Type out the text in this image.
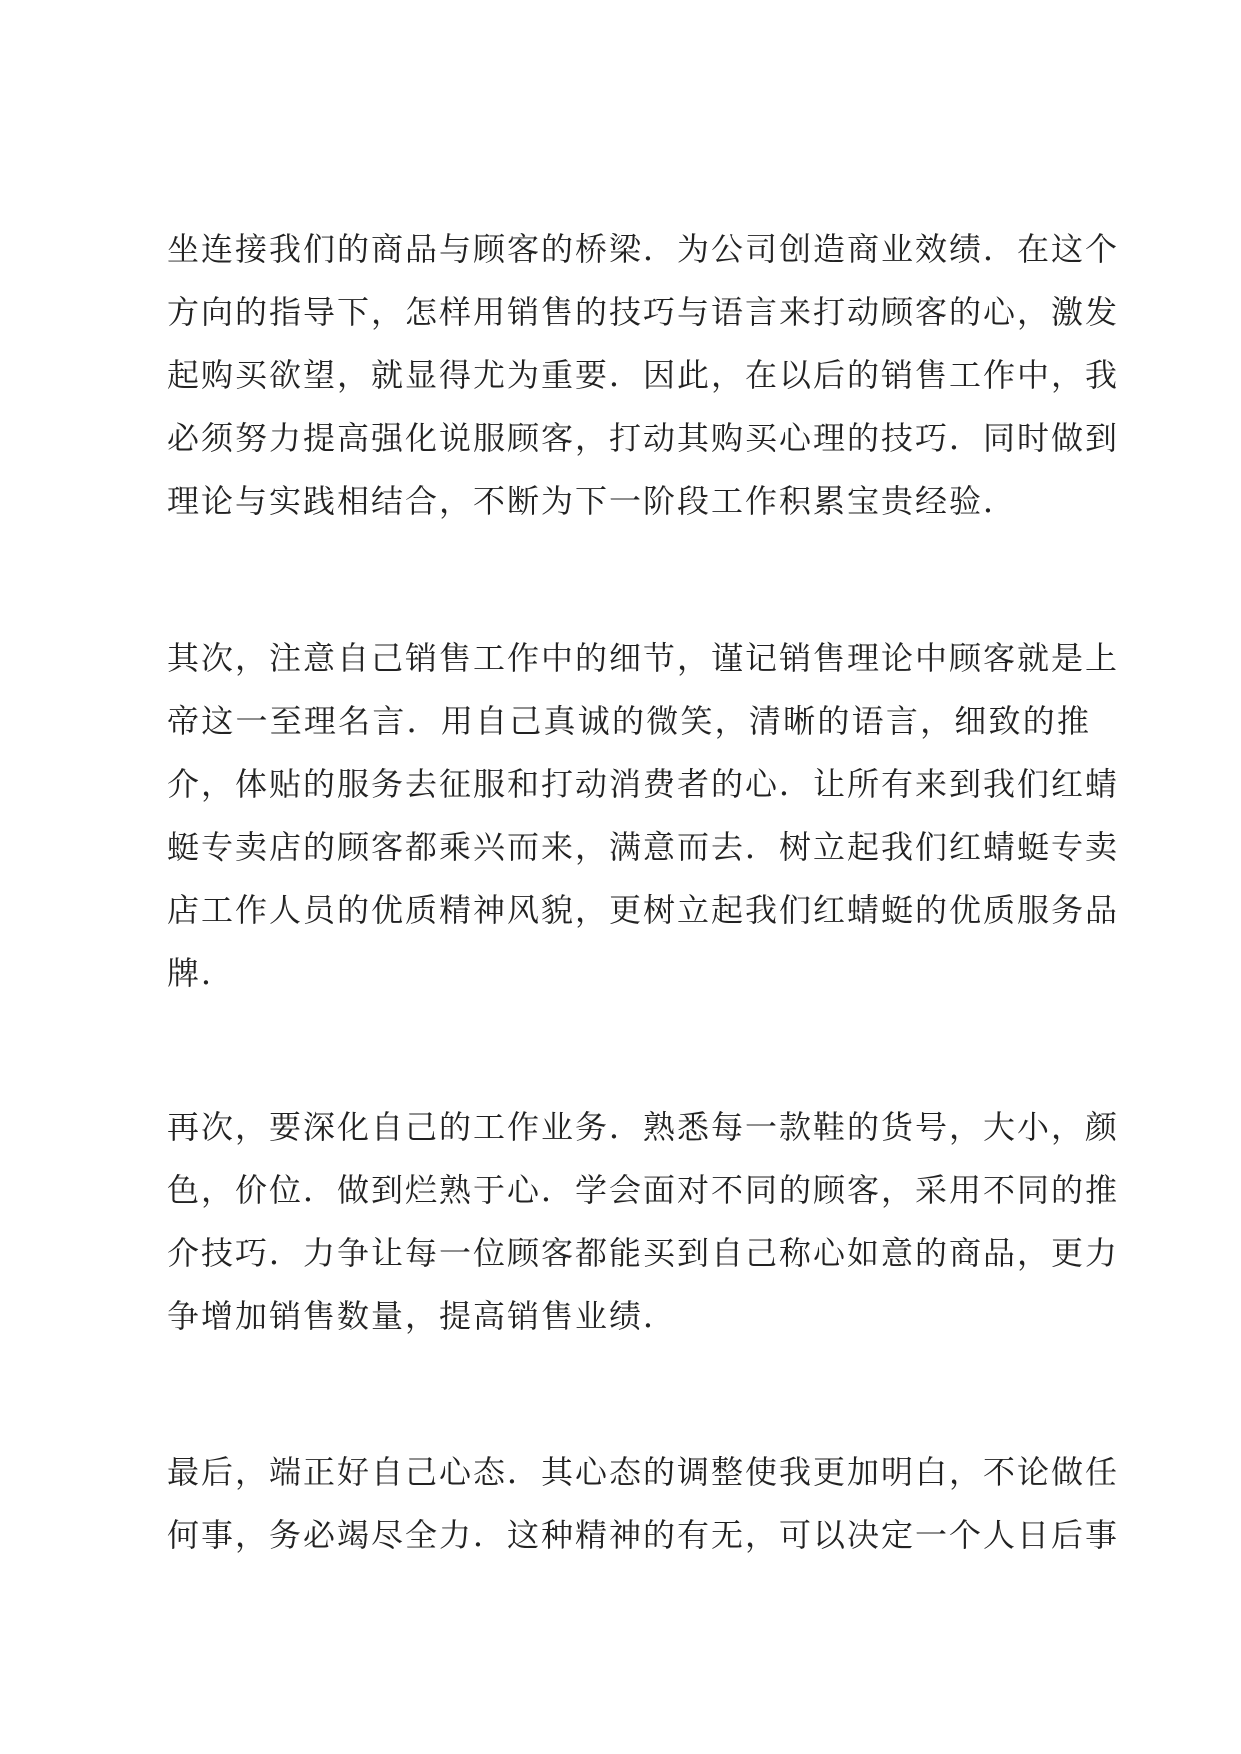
坐连接我们的商品与顾客的桥梁．为公司创造商业效绩．在这个
方向的指导下，怎样用销售的技巧与语言来打动顾客的心，激发
起购买欲望，就显得尤为重要．因此，在以后的销售工作中，我
必须努力提高强化说服顾客，打动其购买心理的技巧．同时做到
理论与实践相结合，不断为下一阶段工作积累宝贵经验．
其次，注意自己销售工作中的细节，谨记销售理论中顾客就是上
帝这一至理名言．用自己真诚的微笑，清晰的语言，细致的推
介，体贴的服务去征服和打动消费者的心．让所有来到我们红蜻
蜓专卖店的顾客都乘兴而来，满意而去．树立起我们红蜻蜓专卖
店工作人员的优质精神风貌，更树立起我们红蜻蜓的优质服务品
牌．
再次，要深化自己的工作业务．熟悉每一款鞋的货号，大小，颜
色，价位．做到烂熟于心．学会面对不同的顾客，采用不同的推
介技巧．力争让每一位顾客都能买到自己称心如意的商品，更力
争增加销售数量，提高销售业绩．
最后，端正好自己心态．其心态的调整使我更加明白，不论做任
何事，务必竭尽全力．这种精神的有无，可以决定一个人日后事
